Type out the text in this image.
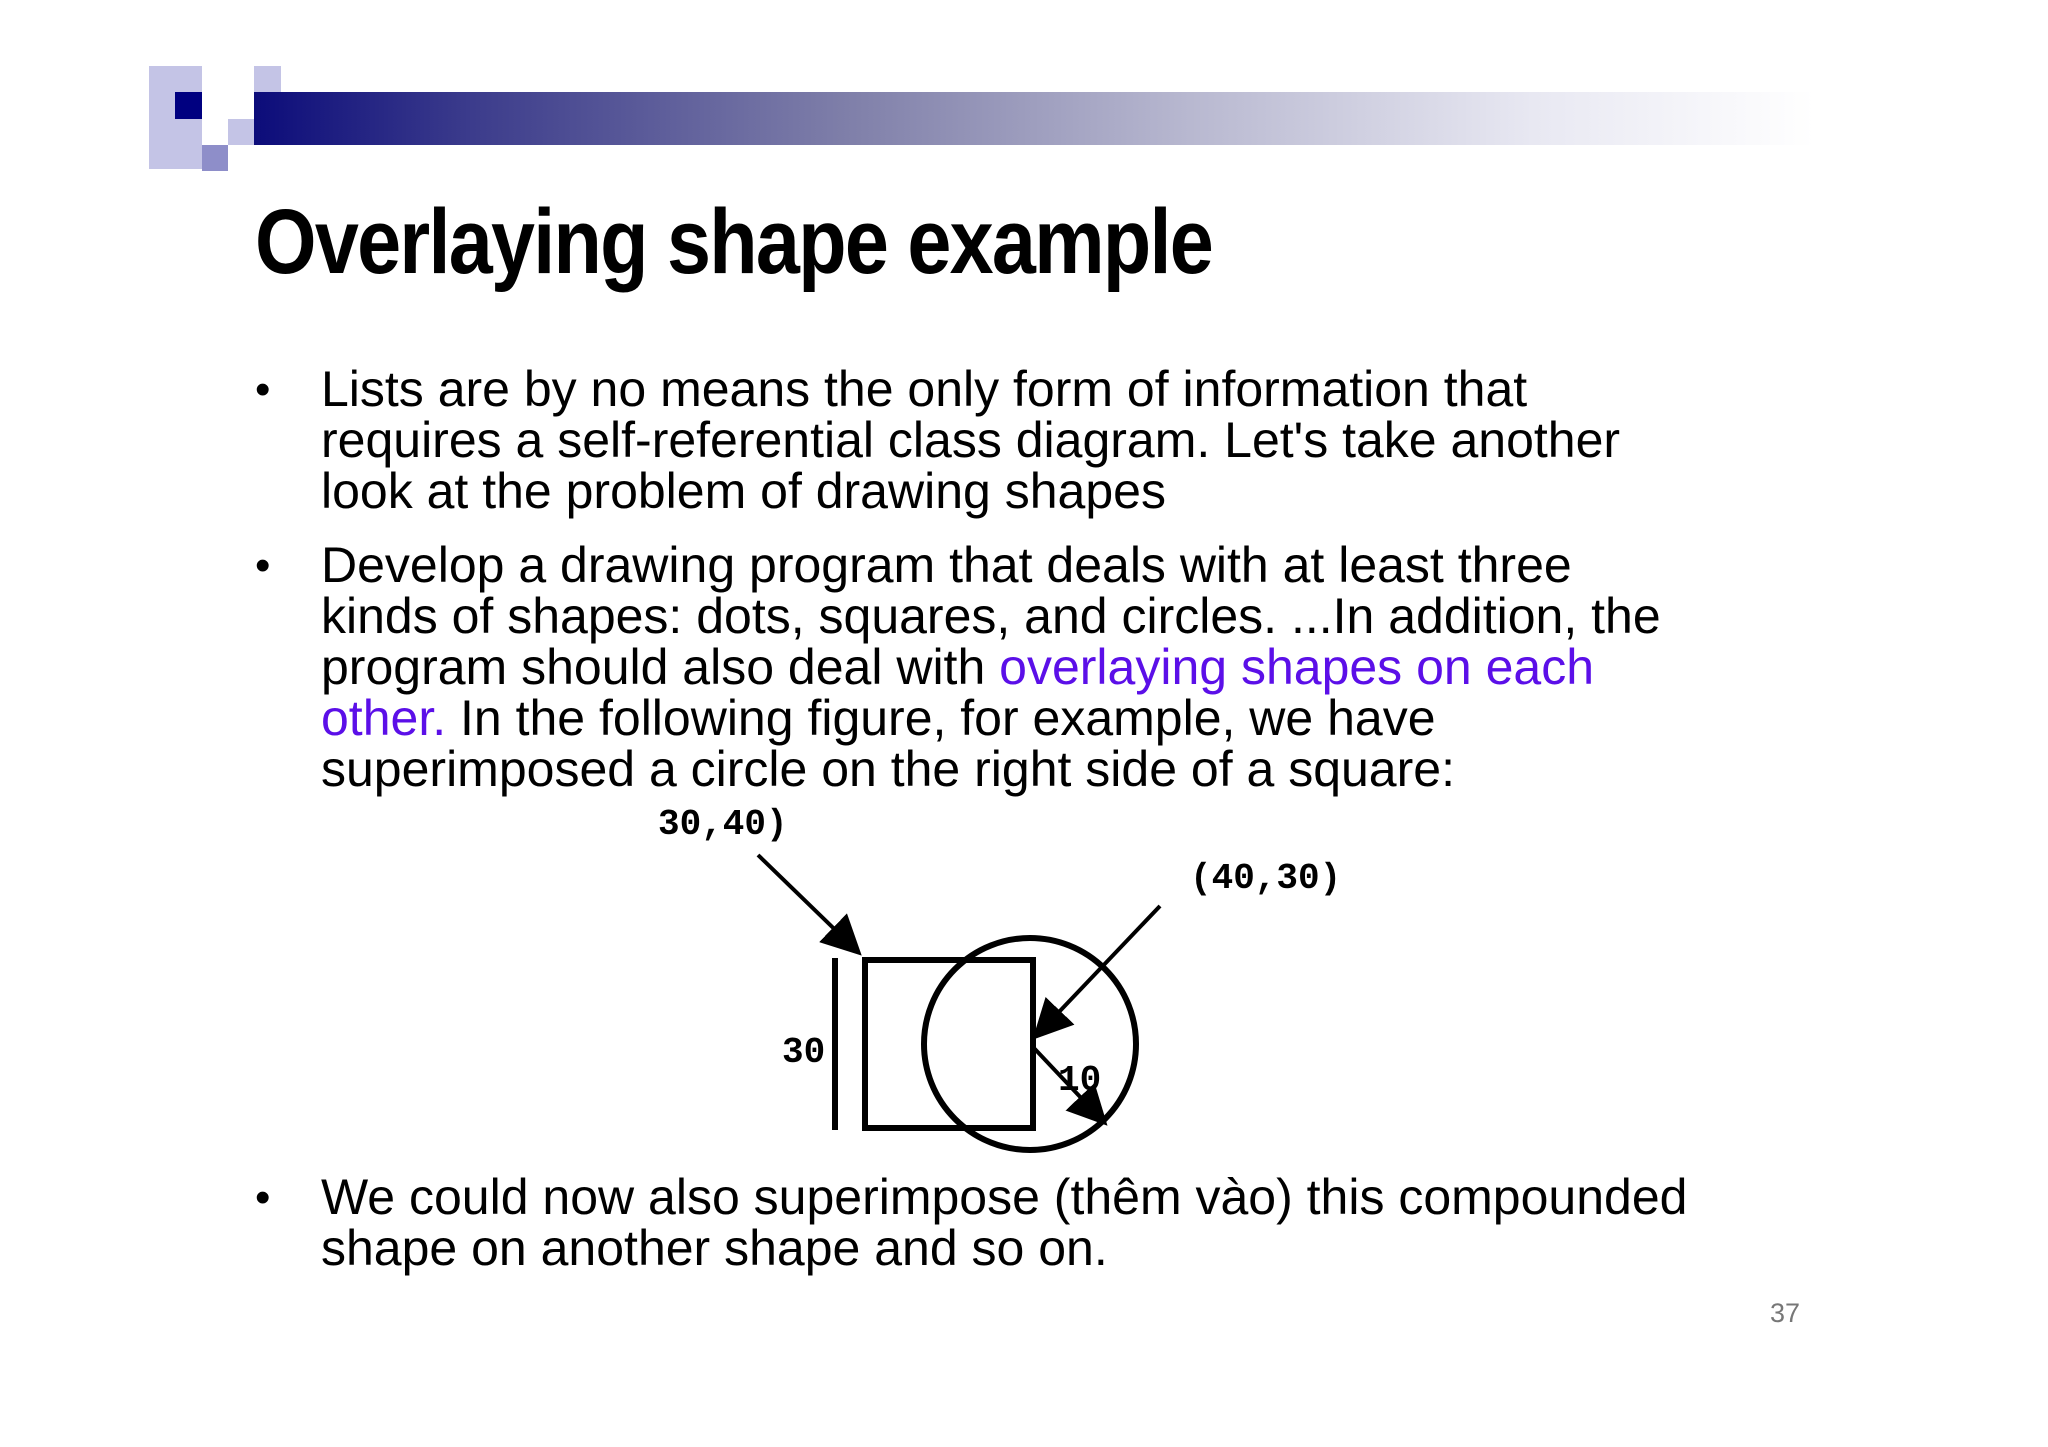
Overlaying shape example
• Lists are by no means the only form of information that
requires a self-referential class diagram. Let's take another
look at the problem of drawing shapes
• Develop a drawing program that deals with at least three
kinds of shapes: dots, squares, and circles. ...In addition, the
program should also deal with overlaying shapes on each
other. In the following figure, for example, we have
superimposed a circle on the right side of a square:
30,40)
(40,30)
30
10
• We could now also superimpose (thêm vào) this compounded
shape on another shape and so on.
37
